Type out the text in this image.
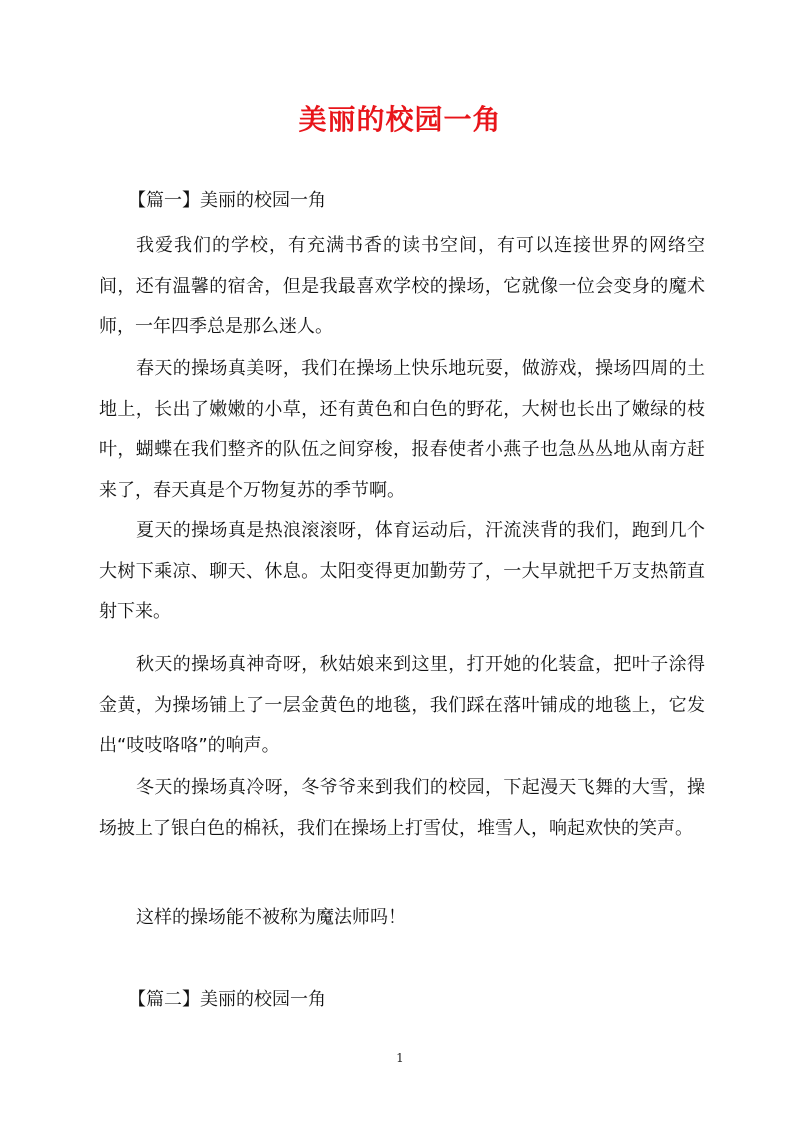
美丽的校园一角
【篇一】美丽的校园一角

我爱我们的学校，有充满书香的读书空间，有可以连接世界的网络空间，还有温馨的宿舍，但是我最喜欢学校的操场，它就像一位会变身的魔术师，一年四季总是那么迷人。

春天的操场真美呀，我们在操场上快乐地玩耍，做游戏，操场四周的土地上，长出了嫩嫩的小草，还有黄色和白色的野花，大树也长出了嫩绿的枝叶，蝴蝶在我们整齐的队伍之间穿梭，报春使者小燕子也急丛丛地从南方赶来了，春天真是个万物复苏的季节啊。

夏天的操场真是热浪滚滚呀，体育运动后，汗流浃背的我们，跑到几个大树下乘凉、聊天、休息。太阳变得更加勤劳了，一大早就把千万支热箭直射下来。

秋天的操场真神奇呀，秋姑娘来到这里，打开她的化装盒，把叶子涂得金黄，为操场铺上了一层金黄色的地毯，我们踩在落叶铺成的地毯上，它发出“吱吱咯咯”的响声。

冬天的操场真冷呀，冬爷爷来到我们的校园，下起漫天飞舞的大雪，操场披上了银白色的棉袄，我们在操场上打雪仗，堆雪人，响起欢快的笑声。

这样的操场能不被称为魔法师吗！

【篇二】美丽的校园一角
1
